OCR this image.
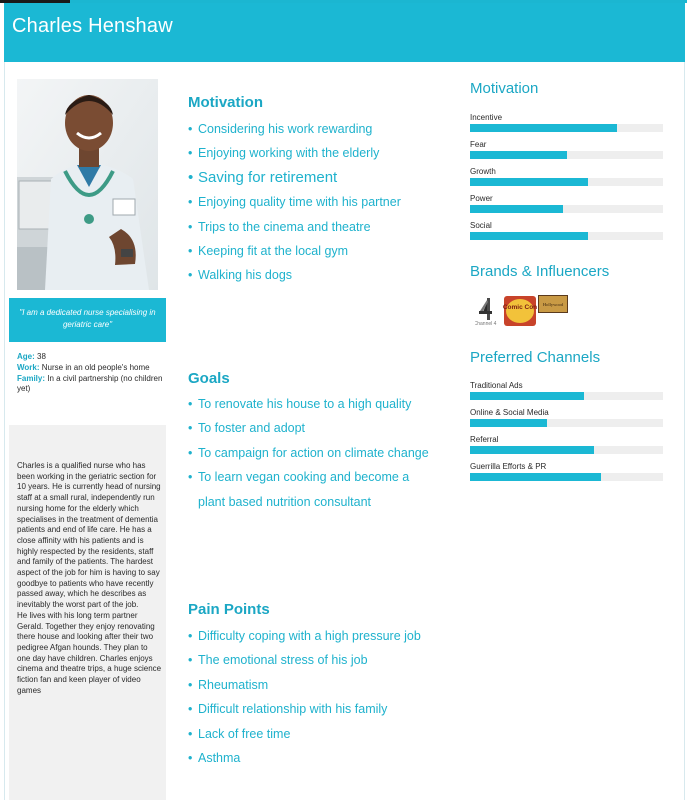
Charles Henshaw
"I am a dedicated nurse specialising in geriatric care"
Age: 38
Work: Nurse in an old people's home
Family: In a civil partnership (no children yet)
Charles is a qualified nurse who has been working in the geriatric section for 10 years. He is currently head of nursing staff at a small rural, independently run nursing home for the elderly which specialises in the treatment of dementia patients and end of life care. He has a close affinity with his patients and is highly respected by the residents, staff and family of the patients. The hardest aspect of the job for him is having to say goodbye to patients who have recently passed away, which he describes as inevitably the worst part of the job.
He lives with his long term partner Gerald. Together they enjoy renovating there house and looking after their two pedigree Afgan hounds. They plan to one day have children. Charles enjoys cinema and theatre trips, a huge science fiction fan and keen player of video games
Motivation
• Considering his work rewarding
• Enjoying working with the elderly
• Saving for retirement
• Enjoying quality time with his partner
• Trips to the cinema and theatre
• Keeping fit at the local gym
• Walking his dogs
Goals
• To renovate his house to a high quality
• To foster and adopt
• To campaign for action on climate change
• To learn vegan cooking and become a plant based nutrition consultant
Pain Points
• Difficulty coping with a high pressure job
• The emotional stress of his job
• Rheumatism
• Difficult relationship with his family
• Lack of free time
• Asthma
Motivation
Incentive
Fear
Growth
Power
Social
Brands & Influencers
Channel 4
Comic Con Hollywood
Preferred Channels
Traditional Ads
Online & Social Media
Referral
Guerrilla Efforts & PR
